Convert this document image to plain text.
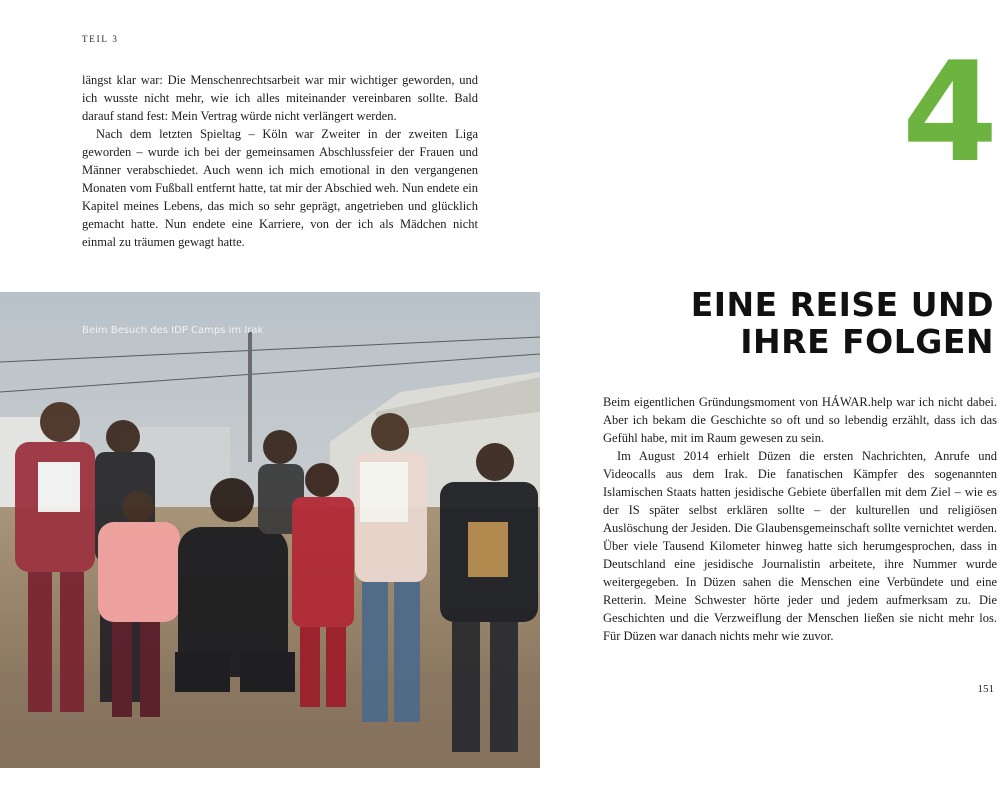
TEIL 3

längst klar war: Die Menschenrechtsarbeit war mir wichtiger geworden, und ich wusste nicht mehr, wie ich alles miteinander vereinbaren sollte. Bald darauf stand fest: Mein Vertrag würde nicht verlängert werden.

Nach dem letzten Spieltag – Köln war Zweiter in der zweiten Liga geworden – wurde ich bei der gemeinsamen Abschlussfeier der Frauen und Männer verabschiedet. Auch wenn ich mich emotional in den vergangenen Monaten vom Fußball entfernt hatte, tat mir der Abschied weh. Nun endete ein Kapitel meines Lebens, das mich so sehr geprägt, angetrieben und glücklich gemacht hatte. Nun endete eine Karriere, von der ich als Mädchen nicht einmal zu träumen gewagt hatte.

Beim Besuch des IDP Camps im Irak
4
EINE REISE UND
IHRE FOLGEN

Beim eigentlichen Gründungsmoment von HÁWAR.help war ich nicht dabei. Aber ich bekam die Geschichte so oft und so lebendig erzählt, dass ich das Gefühl habe, mit im Raum gewesen zu sein.

Im August 2014 erhielt Düzen die ersten Nachrichten, Anrufe und Videocalls aus dem Irak. Die fanatischen Kämpfer des sogenannten Islamischen Staats hatten jesidische Gebiete überfallen mit dem Ziel – wie es der IS später selbst erklären sollte – der kulturellen und religiösen Auslöschung der Jesiden. Die Glaubensgemeinschaft sollte vernichtet werden. Über viele Tausend Kilometer hinweg hatte sich herumgesprochen, dass in Deutschland eine jesidische Journalistin arbeitete, ihre Nummer wurde weitergegeben. In Düzen sahen die Menschen eine Verbündete und eine Retterin. Meine Schwester hörte jeder und jedem aufmerksam zu. Die Geschichten und die Verzweiflung der Menschen ließen sie nicht mehr los. Für Düzen war danach nichts mehr wie zuvor.

151
